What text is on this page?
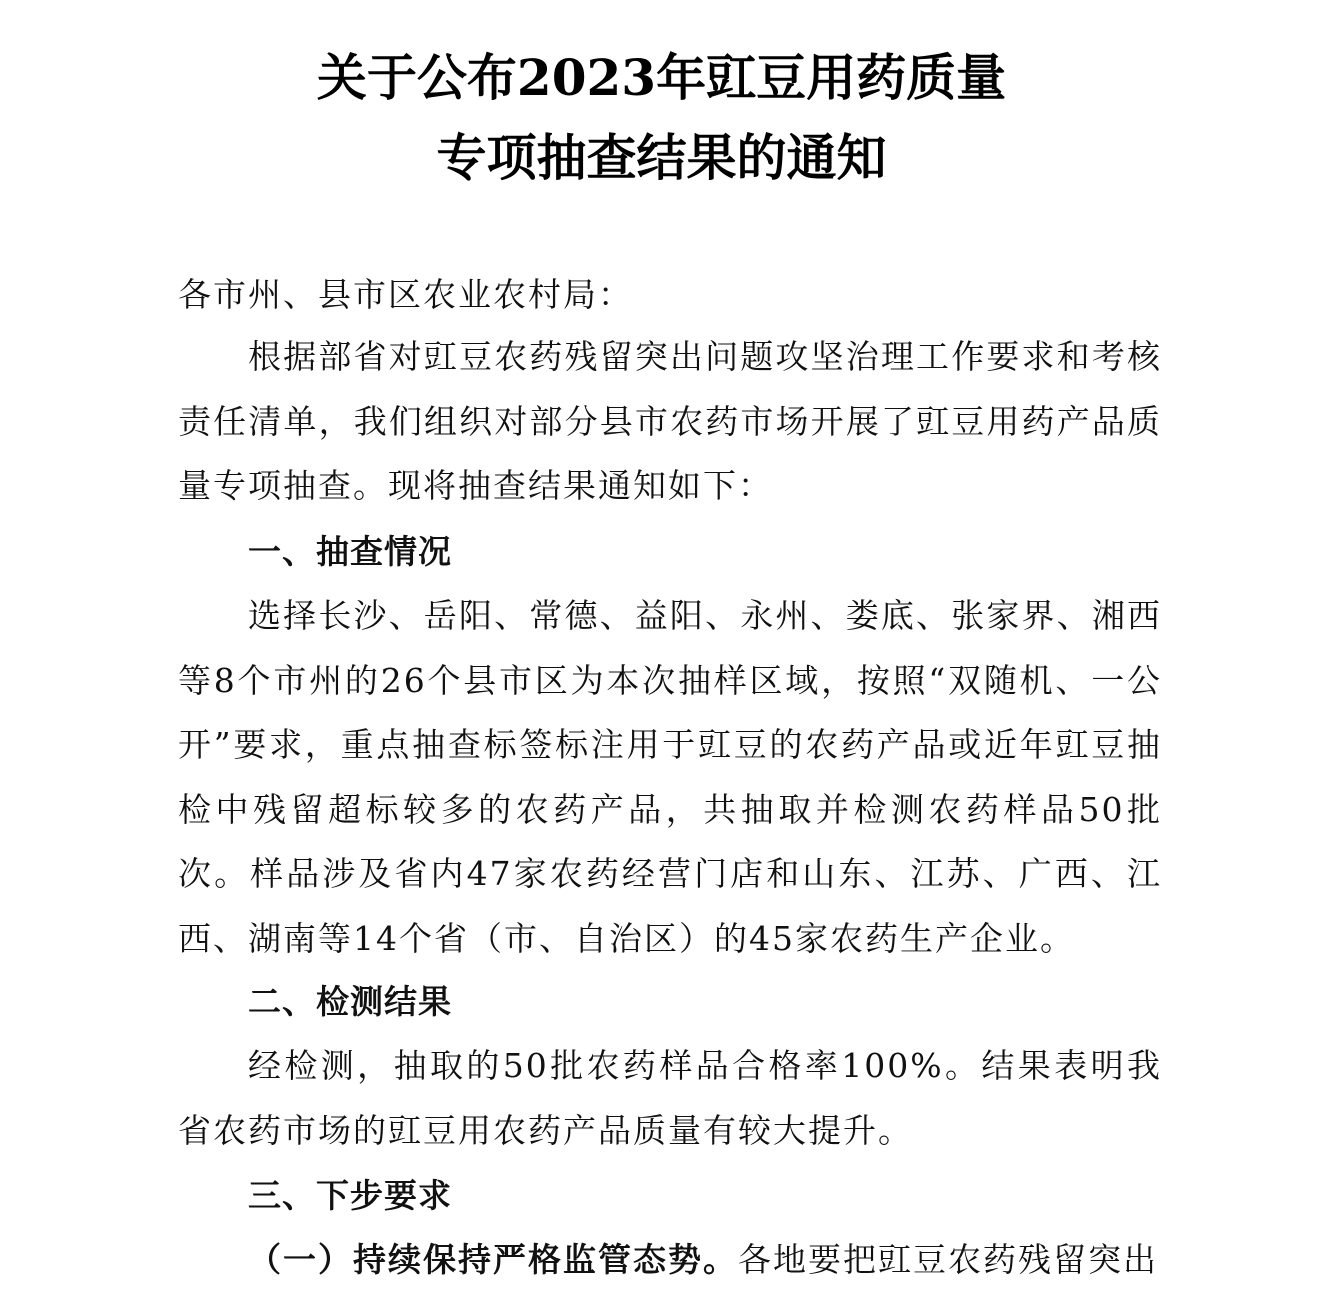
关于公布2023年豇豆用药质量
专项抽查结果的通知

各市州、县市区农业农村局：

根据部省对豇豆农药残留突出问题攻坚治理工作要求和考核责任清单，我们组织对部分县市农药市场开展了豇豆用药产品质量专项抽查。现将抽查结果通知如下：

一、抽查情况

选择长沙、岳阳、常德、益阳、永州、娄底、张家界、湘西等8个市州的26个县市区为本次抽样区域，按照“双随机、一公开”要求，重点抽查标签标注用于豇豆的农药产品或近年豇豆抽检中残留超标较多的农药产品，共抽取并检测农药样品50批次。样品涉及省内47家农药经营门店和山东、江苏、广西、江西、湖南等14个省（市、自治区）的45家农药生产企业。

二、检测结果

经检测，抽取的50批农药样品合格率100%。结果表明我省农药市场的豇豆用农药产品质量有较大提升。

三、下步要求

（一）持续保持严格监管态势。各地要把豇豆农药残留突出
